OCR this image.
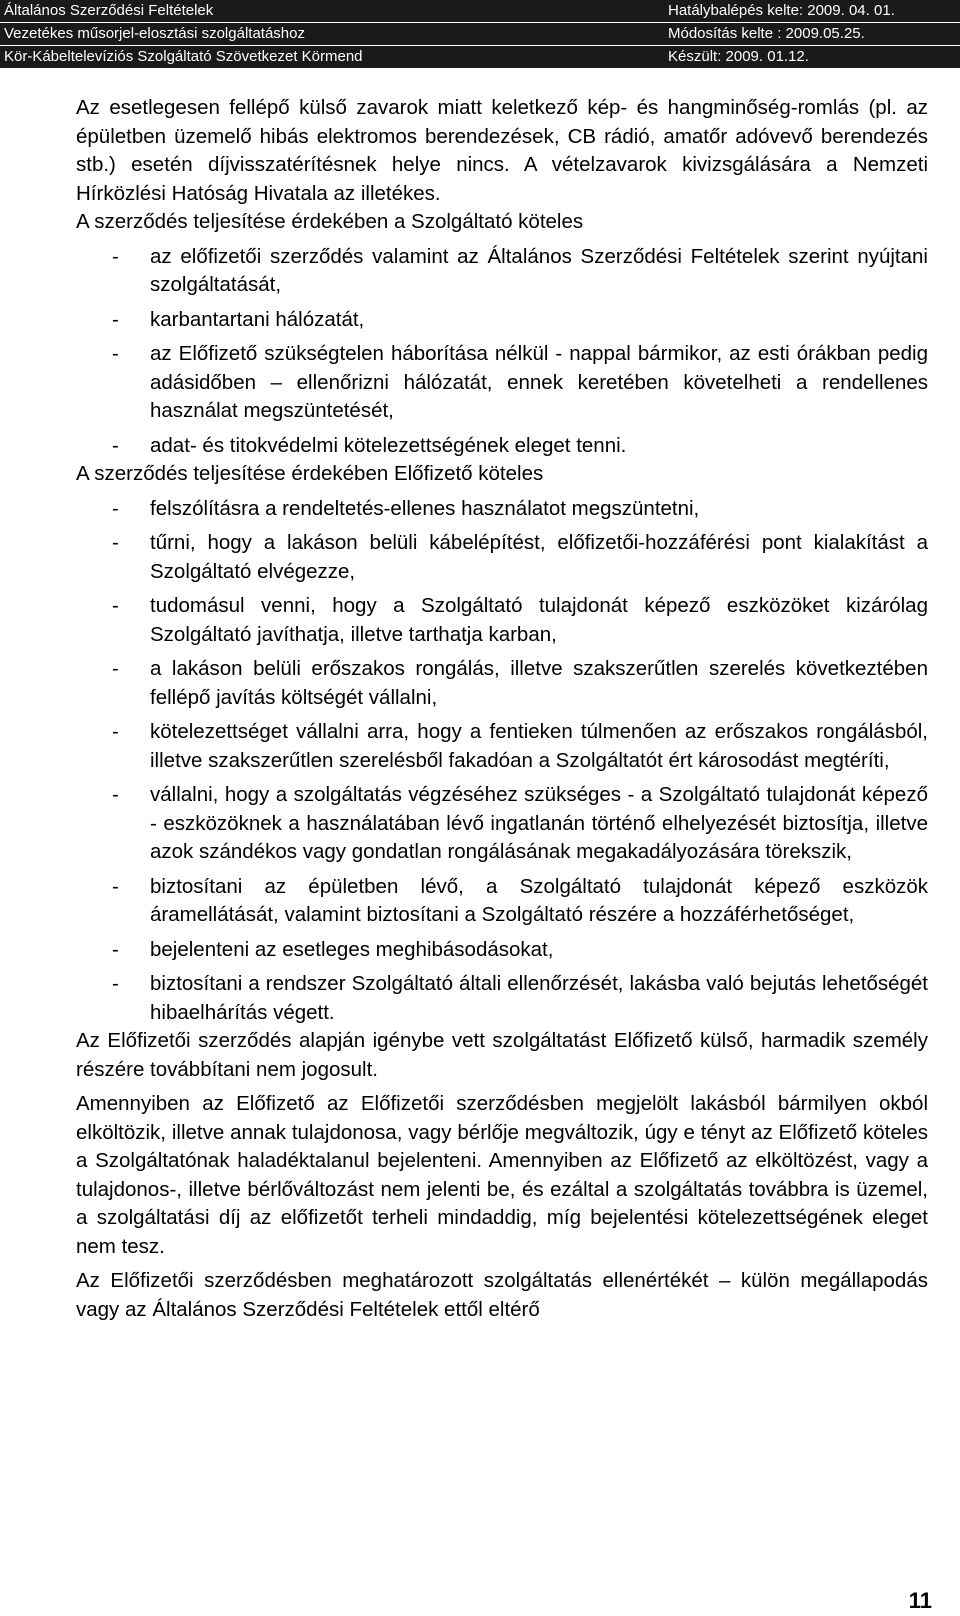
Általános Szerződési Feltételek	Hatálybalépés kelte: 2009. 04. 01.
Vezetékes műsorjel-elosztási szolgáltatáshoz	Módosítás kelte : 2009.05.25.
Kör-Kábeltelevíziós Szolgáltató Szövetkezet Körmend	Készült: 2009. 01.12.

Az esetlegesen fellépő külső zavarok miatt keletkező kép- és hangminőség-romlás (pl. az épületben üzemelő hibás elektromos berendezések, CB rádió, amatőr adóvevő berendezés stb.) esetén díjvisszatérítésnek helye nincs. A vételzavarok kivizsgálására a Nemzeti Hírközlési Hatóság Hivatala az illetékes.

A szerződés teljesítése érdekében a Szolgáltató köteles

- az előfizetői szerződés valamint az Általános Szerződési Feltételek szerint nyújtani szolgáltatását,
- karbantartani hálózatát,
- az Előfizető szükségtelen háborítása nélkül - nappal bármikor, az esti órákban pedig adásidőben – ellenőrizni hálózatát, ennek keretében követelheti a rendellenes használat megszüntetését,
- adat- és titokvédelmi kötelezettségének eleget tenni.

A szerződés teljesítése érdekében Előfizető köteles

- felszólításra a rendeltetés-ellenes használatot megszüntetni,
- tűrni, hogy a lakáson belüli kábelépítést, előfizetői-hozzáférési pont kialakítást a Szolgáltató elvégezze,
- tudomásul venni, hogy a Szolgáltató tulajdonát képező eszközöket kizárólag Szolgáltató javíthatja, illetve tarthatja karban,
- a lakáson belüli erőszakos rongálás, illetve szakszerűtlen szerelés következtében fellépő javítás költségét vállalni,
- kötelezettséget vállalni arra, hogy a fentieken túlmenően az erőszakos rongálásból, illetve szakszerűtlen szerelésből fakadóan a Szolgáltatót ért károsodást megtéríti,
- vállalni, hogy a szolgáltatás végzéséhez szükséges - a Szolgáltató tulajdonát képező - eszközöknek a használatában lévő ingatlanán történő elhelyezését biztosítja, illetve azok szándékos vagy gondatlan rongálásának megakadályozására törekszik,
- biztosítani az épületben lévő, a Szolgáltató tulajdonát képező eszközök áramellátását, valamint biztosítani a Szolgáltató részére a hozzáférhetőséget,
- bejelenteni az esetleges meghibásodásokat,
- biztosítani a rendszer Szolgáltató általi ellenőrzését, lakásba való bejutás lehetőségét hibaelhárítás végett.

Az Előfizetői szerződés alapján igénybe vett szolgáltatást Előfizető külső, harmadik személy részére továbbítani nem jogosult.

Amennyiben az Előfizető az Előfizetői szerződésben megjelölt lakásból bármilyen okból elköltözik, illetve annak tulajdonosa, vagy bérlője megváltozik, úgy e tényt az Előfizető köteles a Szolgáltatónak haladéktalanul bejelenteni. Amennyiben az Előfizető az elköltözést, vagy a tulajdonos-, illetve bérlőváltozást nem jelenti be, és ezáltal a szolgáltatás továbbra is üzemel, a szolgáltatási díj az előfizetőt terheli mindaddig, míg bejelentési kötelezettségének eleget nem tesz.

Az Előfizetői szerződésben meghatározott szolgáltatás ellenértékét – külön megállapodás vagy az Általános Szerződési Feltételek ettől eltérő

11
